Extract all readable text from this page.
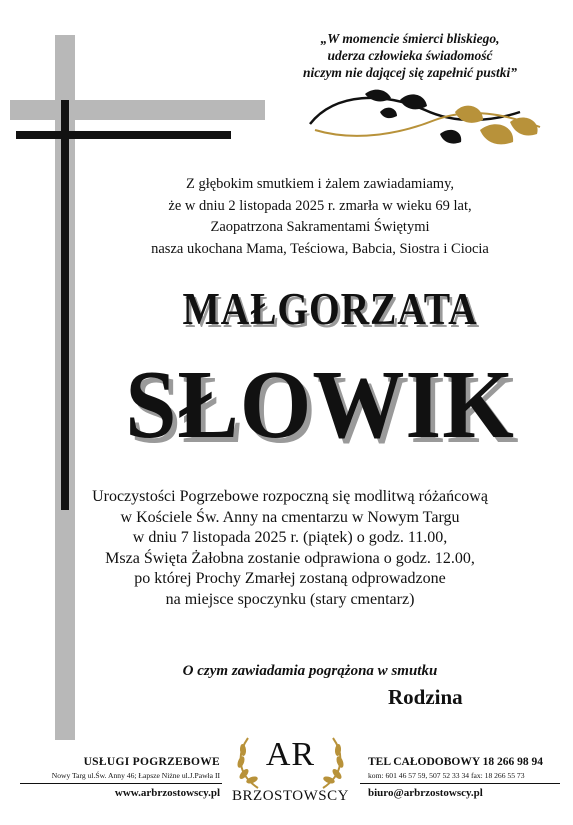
„W momencie śmierci bliskiego,
uderza człowieka świadomość
niczym nie dającej się zapełnić pustki”
Z głębokim smutkiem i żalem zawiadamiamy,
że w dniu 2 listopada 2025 r. zmarła w wieku 69 lat,
Zaopatrzona Sakramentami Świętymi
nasza ukochana Mama, Teściowa, Babcia, Siostra i Ciocia
MAŁGORZATA
SŁOWIK
Uroczystości Pogrzebowe rozpoczną się modlitwą różańcową
w Kościele Św. Anny na cmentarzu w Nowym Targu
w dniu 7 listopada 2025 r. (piątek) o godz. 11.00,
Msza Święta Żałobna zostanie odprawiona o godz. 12.00,
po której Prochy Zmarłej zostaną odprowadzone
na miejsce spoczynku (stary cmentarz)
O czym zawiadamia pogrążona w smutku
Rodzina
USŁUGI POGRZEBOWE
Nowy Targ ul.Św. Anny 46; Łapsze Niżne ul.J.Pawła II
www.arbrzostowscy.pl
AR
BRZOSTOWSCY
TEL CAŁODOBOWY 18 266 98 94
kom: 601 46 57 59, 507 52 33 34 fax: 18 266 55 73
biuro@arbrzostowscy.pl
